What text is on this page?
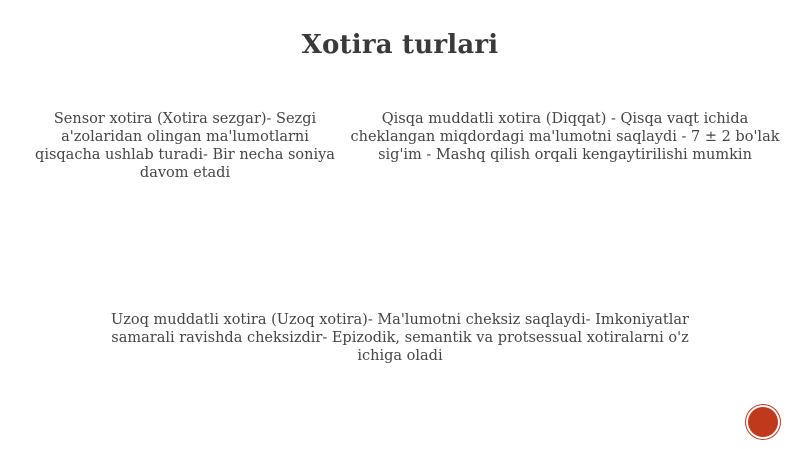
Xotira turlari
Sensor xotira (Xotira sezgar)- Sezgi a'zolaridan olingan ma'lumotlarni qisqacha ushlab turadi- Bir necha soniya davom etadi
Qisqa muddatli xotira (Diqqat) - Qisqa vaqt ichida cheklangan miqdordagi ma'lumotni saqlaydi - 7 ± 2 bo'lak sig'im - Mashq qilish orqali kengaytirilishi mumkin
Uzoq muddatli xotira (Uzoq xotira)- Ma'lumotni cheksiz saqlaydi- Imkoniyatlar samarali ravishda cheksizdir- Epizodik, semantik va protsessual xotiralarni o'z ichiga oladi
